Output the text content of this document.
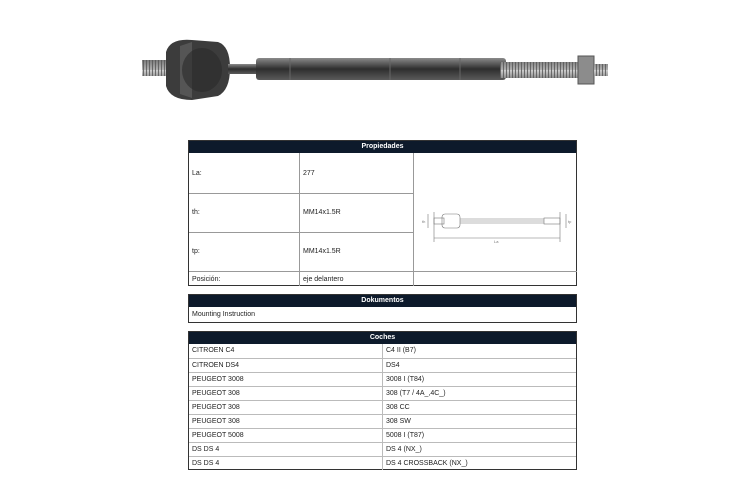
Propiedades
La:	277
th:	MM14x1.5R
tp:	MM14x1.5R
Posición:	eje delantero
La
th	tp
Dokumentos
Mounting Instruction
Coches
CITROEN C4	C4 II (B7)
CITROEN DS4	DS4
PEUGEOT 3008	3008 I (T84)
PEUGEOT 308	308 (T7 / 4A_,4C_)
PEUGEOT 308	308 CC
PEUGEOT 308	308 SW
PEUGEOT 5008	5008 I (T87)
DS DS 4	DS 4 (NX_)
DS DS 4	DS 4 CROSSBACK (NX_)
